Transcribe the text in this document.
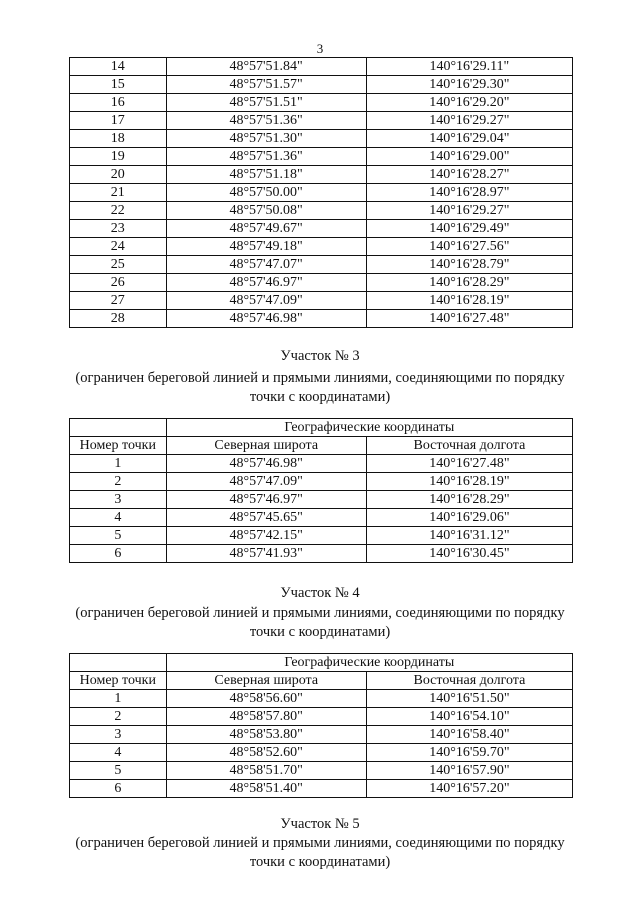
3
14	48°57'51.84"	140°16'29.11"
15	48°57'51.57"	140°16'29.30"
16	48°57'51.51"	140°16'29.20"
17	48°57'51.36"	140°16'29.27"
18	48°57'51.30"	140°16'29.04"
19	48°57'51.36"	140°16'29.00"
20	48°57'51.18"	140°16'28.27"
21	48°57'50.00"	140°16'28.97"
22	48°57'50.08"	140°16'29.27"
23	48°57'49.67"	140°16'29.49"
24	48°57'49.18"	140°16'27.56"
25	48°57'47.07"	140°16'28.79"
26	48°57'46.97"	140°16'28.29"
27	48°57'47.09"	140°16'28.19"
28	48°57'46.98"	140°16'27.48"
Участок № 3
(ограничен береговой линией и прямыми линиями, соединяющими по порядку
точки с координатами)
	Географические координаты	
Номер точки	Северная широта	Восточная долгота
1	48°57'46.98"	140°16'27.48"
2	48°57'47.09"	140°16'28.19"
3	48°57'46.97"	140°16'28.29"
4	48°57'45.65"	140°16'29.06"
5	48°57'42.15"	140°16'31.12"
6	48°57'41.93"	140°16'30.45"
Участок № 4
(ограничен береговой линией и прямыми линиями, соединяющими по порядку
точки с координатами)
	Географические координаты	
Номер точки	Северная широта	Восточная долгота
1	48°58'56.60"	140°16'51.50"
2	48°58'57.80"	140°16'54.10"
3	48°58'53.80"	140°16'58.40"
4	48°58'52.60"	140°16'59.70"
5	48°58'51.70"	140°16'57.90"
6	48°58'51.40"	140°16'57.20"
Участок № 5
(ограничен береговой линией и прямыми линиями, соединяющими по порядку
точки с координатами)
